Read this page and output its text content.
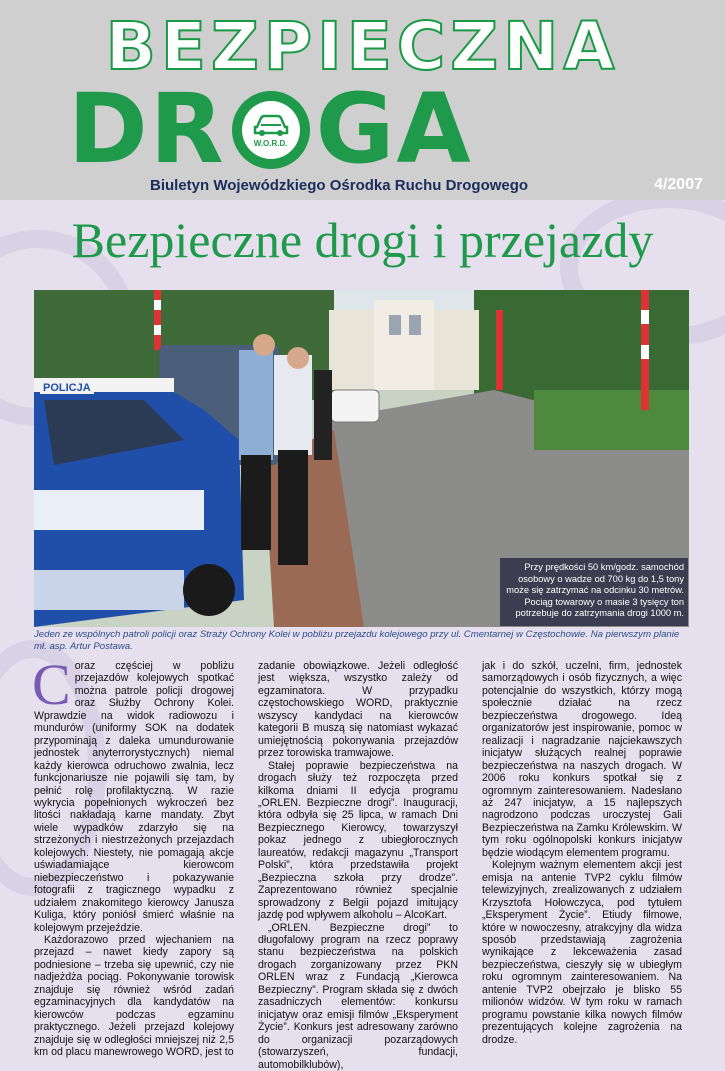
BEZPIECZNA
DR	W.O.R.D. GA
Biuletyn Wojewódzkiego Ośrodka Ruchu Drogowego	4/2007
Bezpieczne drogi i przejazdy
POLICJA
Przy prędkości 50 km/godz. samochód osobowy o wadze od 700 kg do 1,5 tony może się zatrzymać na odcinku 30 metrów. Pociąg towarowy o masie 3 tysięcy ton potrzebuje do zatrzymania drogi 1000 m.
Jeden ze wspólnych patroli policji oraz Straży Ochrony Kolei w pobliżu przejazdu kolejowego przy ul. Cmentarnej w Częstochowie. Na pierwszym planie mł. asp. Artur Postawa.
C oraz częściej w pobliżu przejazdów kolejowych spotkać można patrole policji drogowej oraz Służby Ochrony Kolei. Wprawdzie na widok radiowozu i mundurów (uniformy SOK na dodatek przypominają z daleka umundurowanie jednostek anyterrorystycznych) niemal każdy kierowca odruchowo zwalnia, lecz funkcjonariusze nie pojawili się tam, by pełnić rolę profilaktyczną. W razie wykrycia popełnionych wykroczeń bez litości nakładają karne mandaty. Zbyt wiele wypadków zdarzyło się na strzeżonych i niestrzeżonych przejazdach kolejowych. Niestety, nie pomagają akcje uświadamiające kierowcom niebezpieczeństwo i pokazywanie fotografii z tragicznego wypadku z udziałem znakomitego kierowcy Janusza Kuliga, który poniósł śmierć właśnie na kolejowym przejeździe.

Każdorazowo przed wjechaniem na przejazd – nawet kiedy zapory są podniesione – trzeba się upewnić, czy nie nadjeżdża pociąg. Pokonywanie torowisk znajduje się również wśród zadań egzaminacyjnych dla kandydatów na kierowców podczas egzaminu praktycznego. Jeżeli przejazd kolejowy znajduje się w odległości mniejszej niż 2,5 km od placu manewrowego WORD, jest to

zadanie obowiązkowe. Jeżeli odległość jest większa, wszystko zależy od egzaminatora. W przypadku częstochowskiego WORD, praktycznie wszyscy kandydaci na kierowców kategorii B muszą się natomiast wykazać umiejętnością pokonywania przejazdów przez torowiska tramwajowe.

Stałej poprawie bezpieczeństwa na drogach służy też rozpoczęta przed kilkoma dniami II edycja programu „ORLEN. Bezpieczne drogi”. Inauguracji, która odbyła się 25 lipca, w ramach Dni Bezpiecznego Kierowcy, towarzyszył pokaz jednego z ubiegłorocznych laureatów, redakcji magazynu „Transport Polski”, która przedstawiła projekt „Bezpieczna szkoła przy drodze”. Zaprezentowano również specjalnie sprowadzony z Belgii pojazd imitujący jazdę pod wpływem alkoholu – AlcoKart.

„ORLEN. Bezpieczne drogi” to długofalowy program na rzecz poprawy stanu bezpieczeństwa na polskich drogach zorganizowany przez PKN ORLEN wraz z Fundacją „Kierowca Bezpieczny”. Program składa się z dwóch zasadniczych elementów: konkursu inicjatyw oraz emisji filmów „Eksperyment Życie”. Konkurs jest adresowany zarówno do organizacji pozarządowych (stowarzyszeń, fundacji, automobilklubów),

jak i do szkół, uczelni, firm, jednostek samorządowych i osób fizycznych, a więc potencjalnie do wszystkich, którzy mogą społecznie działać na rzecz bezpieczeństwa drogowego. Ideą organizatorów jest inspirowanie, pomoc w realizacji i nagradzanie najciekawszych inicjatyw służących realnej poprawie bezpieczeństwa na naszych drogach. W 2006 roku konkurs spotkał się z ogromnym zainteresowaniem. Nadesłano aż 247 inicjatyw, a 15 najlepszych nagrodzono podczas uroczystej Gali Bezpieczeństwa na Zamku Królewskim. W tym roku ogólnopolski konkurs inicjatyw będzie wiodącym elementem programu.

Kolejnym ważnym elementem akcji jest emisja na antenie TVP2 cyklu filmów telewizyjnych, zrealizowanych z udziałem Krzysztofa Hołowczyca, pod tytułem „Eksperyment Życie”. Etiudy filmowe, które w nowoczesny, atrakcyjny dla widza sposób przedstawiają zagrożenia wynikające z lekceważenia zasad bezpieczeństwa, cieszyły się w ubiegłym roku ogromnym zainteresowaniem. Na antenie TVP2 obejrzało je blisko 55 milionów widzów. W tym roku w ramach programu powstanie kilka nowych filmów prezentujących kolejne zagrożenia na drodze.
